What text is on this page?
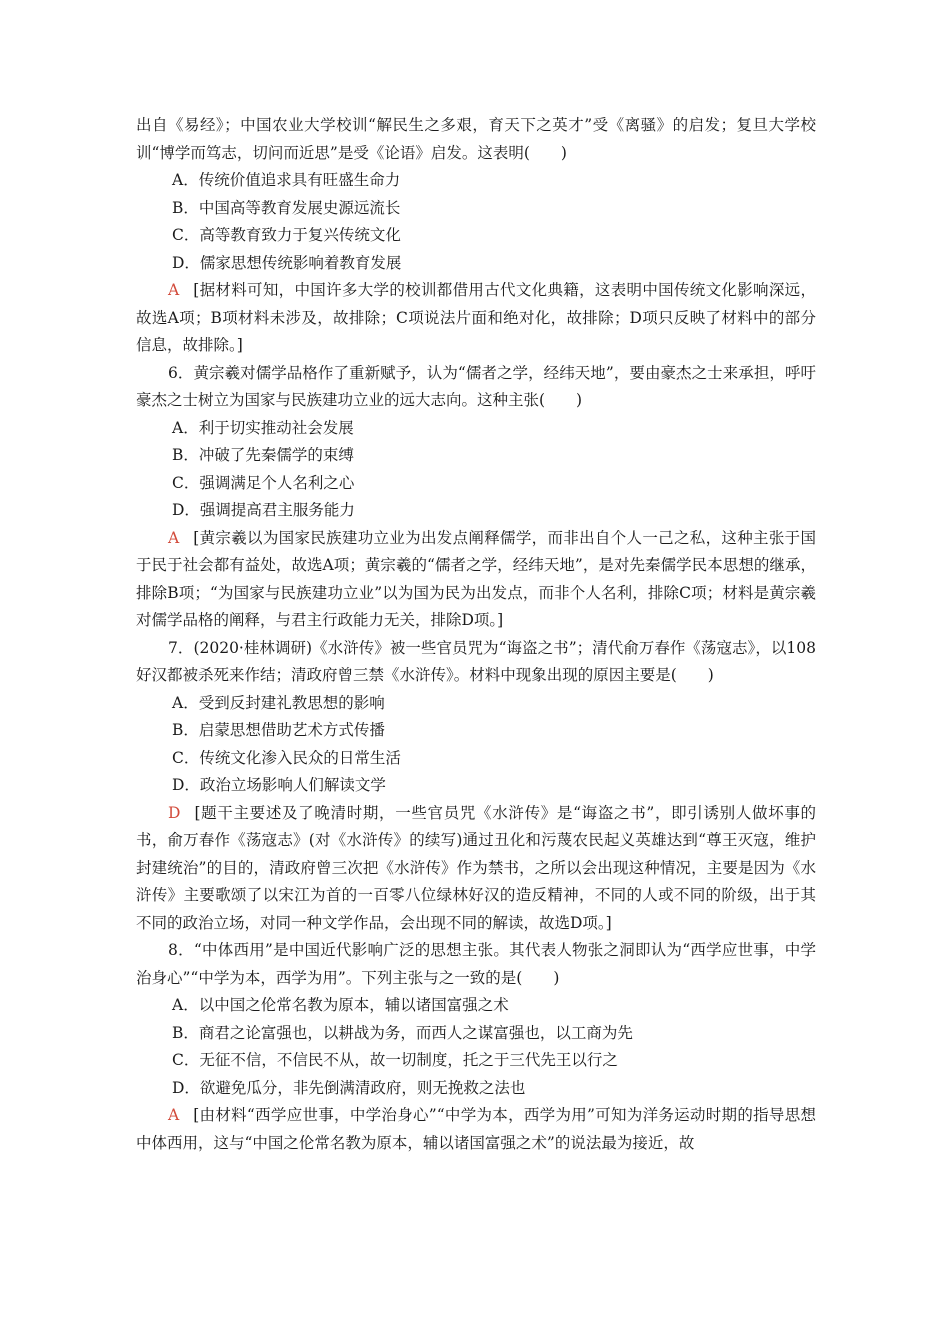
出自《易经》；中国农业大学校训“解民生之多艰，育天下之英才”受《离骚》的启发；复旦大学校训“博学而笃志，切问而近思”是受《论语》启发。这表明(　　)

A．传统价值追求具有旺盛生命力

B．中国高等教育发展史源远流长

C．高等教育致力于复兴传统文化

D．儒家思想传统影响着教育发展

A [据材料可知，中国许多大学的校训都借用古代文化典籍，这表明中国传统文化影响深远，故选A项；B项材料未涉及，故排除；C项说法片面和绝对化，故排除；D项只反映了材料中的部分信息，故排除。]

6．黄宗羲对儒学品格作了重新赋予，认为“儒者之学，经纬天地”，要由豪杰之士来承担，呼吁豪杰之士树立为国家与民族建功立业的远大志向。这种主张(　　)

A．利于切实推动社会发展

B．冲破了先秦儒学的束缚

C．强调满足个人名利之心

D．强调提高君主服务能力

A [黄宗羲以为国家民族建功立业为出发点阐释儒学，而非出自个人一己之私，这种主张于国于民于社会都有益处，故选A项；黄宗羲的“儒者之学，经纬天地”，是对先秦儒学民本思想的继承，排除B项；“为国家与民族建功立业”以为国为民为出发点，而非个人名利，排除C项；材料是黄宗羲对儒学品格的阐释，与君主行政能力无关，排除D项。]

7．(2020·桂林调研)《水浒传》被一些官员咒为“诲盗之书”；清代俞万春作《荡寇志》，以108好汉都被杀死来作结；清政府曾三禁《水浒传》。材料中现象出现的原因主要是(　　)

A．受到反封建礼教思想的影响

B．启蒙思想借助艺术方式传播

C．传统文化渗入民众的日常生活

D．政治立场影响人们解读文学

D [题干主要述及了晚清时期，一些官员咒《水浒传》是“诲盗之书”，即引诱别人做坏事的书，俞万春作《荡寇志》(对《水浒传》的续写)通过丑化和污蔑农民起义英雄达到“尊王灭寇，维护封建统治”的目的，清政府曾三次把《水浒传》作为禁书，之所以会出现这种情况，主要是因为《水浒传》主要歌颂了以宋江为首的一百零八位绿林好汉的造反精神，不同的人或不同的阶级，出于其不同的政治立场，对同一种文学作品，会出现不同的解读，故选D项。]

8．“中体西用”是中国近代影响广泛的思想主张。其代表人物张之洞即认为“西学应世事，中学治身心”“中学为本，西学为用”。下列主张与之一致的是(　　)

A．以中国之伦常名教为原本，辅以诸国富强之术

B．商君之论富强也，以耕战为务，而西人之谋富强也，以工商为先

C．无征不信，不信民不从，故一切制度，托之于三代先王以行之

D．欲避免瓜分，非先倒满清政府，则无挽救之法也

A [由材料“西学应世事，中学治身心”“中学为本，西学为用”可知为洋务运动时期的指导思想中体西用，这与“中国之伦常名教为原本，辅以诸国富强之术”的说法最为接近，故
